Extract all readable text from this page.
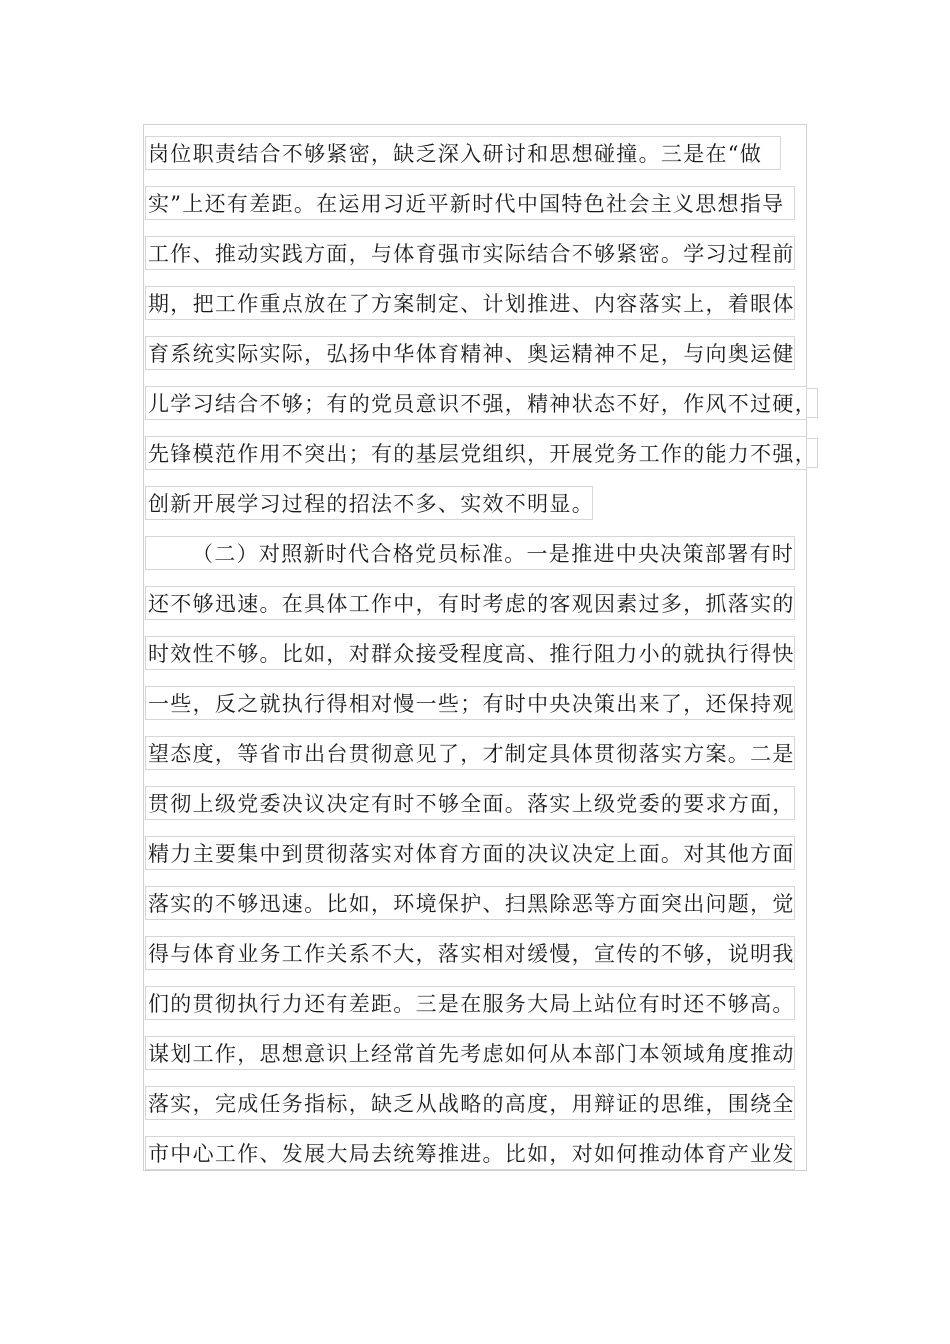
岗位职责结合不够紧密，缺乏深入研讨和思想碰撞。三是在“做
实”上还有差距。在运用习近平新时代中国特色社会主义思想指导
工作、推动实践方面，与体育强市实际结合不够紧密。学习过程前
期，把工作重点放在了方案制定、计划推进、内容落实上，着眼体
育系统实际实际，弘扬中华体育精神、奥运精神不足，与向奥运健
儿学习结合不够；有的党员意识不强，精神状态不好，作风不过硬，
先锋模范作用不突出；有的基层党组织，开展党务工作的能力不强，
创新开展学习过程的招法不多、实效不明显。
（二）对照新时代合格党员标准。一是推进中央决策部署有时
还不够迅速。在具体工作中，有时考虑的客观因素过多，抓落实的
时效性不够。比如，对群众接受程度高、推行阻力小的就执行得快
一些，反之就执行得相对慢一些；有时中央决策出来了，还保持观
望态度，等省市出台贯彻意见了，才制定具体贯彻落实方案。二是
贯彻上级党委决议决定有时不够全面。落实上级党委的要求方面，
精力主要集中到贯彻落实对体育方面的决议决定上面。对其他方面
落实的不够迅速。比如，环境保护、扫黑除恶等方面突出问题，觉
得与体育业务工作关系不大，落实相对缓慢，宣传的不够，说明我
们的贯彻执行力还有差距。三是在服务大局上站位有时还不够高。
谋划工作，思想意识上经常首先考虑如何从本部门本领域角度推动
落实，完成任务指标，缺乏从战略的高度，用辩证的思维，围绕全
市中心工作、发展大局去统筹推进。比如，对如何推动体育产业发
